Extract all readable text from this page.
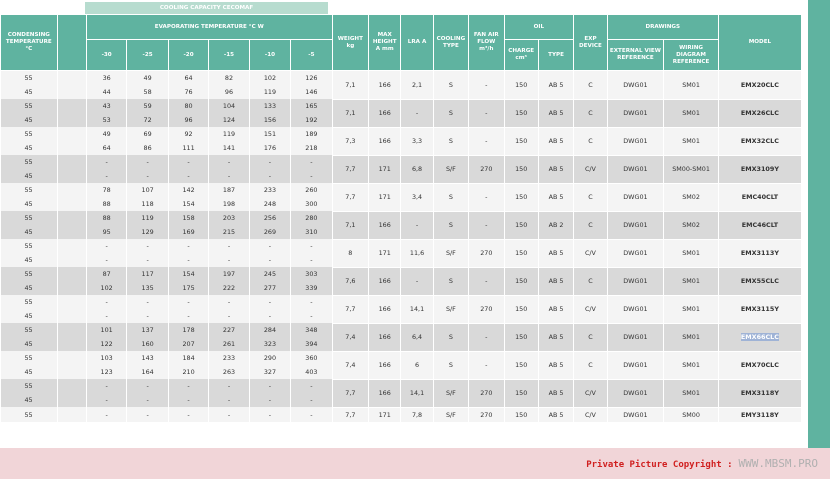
COOLING CAPACITY CECOMAF

CONDENSING TEMPERATURE °C		EVAPORATING TEMPERATURE °C W						WEIGHT kg	MAX HEIGHT A mm	LRA A	COOLING TYPE	FAN AIR FLOW m³/h	OIL		EXP DEVICE	DRAWINGS		MODEL
		-30	-25	-20	-15	-10	-5						CHARGE cm³	TYPE		EXTERNAL VIEW REFERENCE	WIRING DIAGRAM REFERENCE	
55		36	49	64	82	102	126	7,1	166	2,1	S	-	150	AB 5	C	DWG01	SM01	EMX20CLC
45		44	58	76	96	119	146											
55		43	59	80	104	133	165	7,1	166	-	S	-	150	AB 5	C	DWG01	SM01	EMX26CLC
45		53	72	96	124	156	192											
55		49	69	92	119	151	189	7,3	166	3,3	S	-	150	AB 5	C	DWG01	SM01	EMX32CLC
45		64	86	111	141	176	218											
55		-	-	-	-	-	-	7,7	171	6,8	S/F	270	150	AB 5	C/V	DWG01	SM00-SM01	EMX3109Y
45		-	-	-	-	-	-											
55		78	107	142	187	233	260	7,7	171	3,4	S	-	150	AB 5	C	DWG01	SM02	EMC40CLT
45		88	118	154	198	248	300											
55		88	119	158	203	256	280	7,1	166	-	S	-	150	AB 2	C	DWG01	SM02	EMC46CLT
45		95	129	169	215	269	310											
55		-	-	-	-	-	-	8	171	11,6	S/F	270	150	AB 5	C/V	DWG01	SM01	EMX3113Y
45		-	-	-	-	-	-											
55		87	117	154	197	245	303	7,6	166	-	S	-	150	AB 5	C	DWG01	SM01	EMX55CLC
45		102	135	175	222	277	339											
55		-	-	-	-	-	-	7,7	166	14,1	S/F	270	150	AB 5	C/V	DWG01	SM01	EMX3115Y
45		-	-	-	-	-	-											
55		101	137	178	227	284	348	7,4	166	6,4	S	-	150	AB 5	C	DWG01	SM01	EMX66CLC
45		122	160	207	261	323	394											
55		103	143	184	233	290	360	7,4	166	6	S	-	150	AB 5	C	DWG01	SM01	EMX70CLC
45		123	164	210	263	327	403											
55		-	-	-	-	-	-	7,7	166	14,1	S/F	270	150	AB 5	C/V	DWG01	SM01	EMX3118Y
45		-	-	-	-	-	-											
55		-	-	-	-	-	-	7,7	171	7,8	S/F	270	150	AB 5	C/V	DWG01	SM00	EMY3118Y
Private Picture Copyright : WWW.MBSM.PRO
